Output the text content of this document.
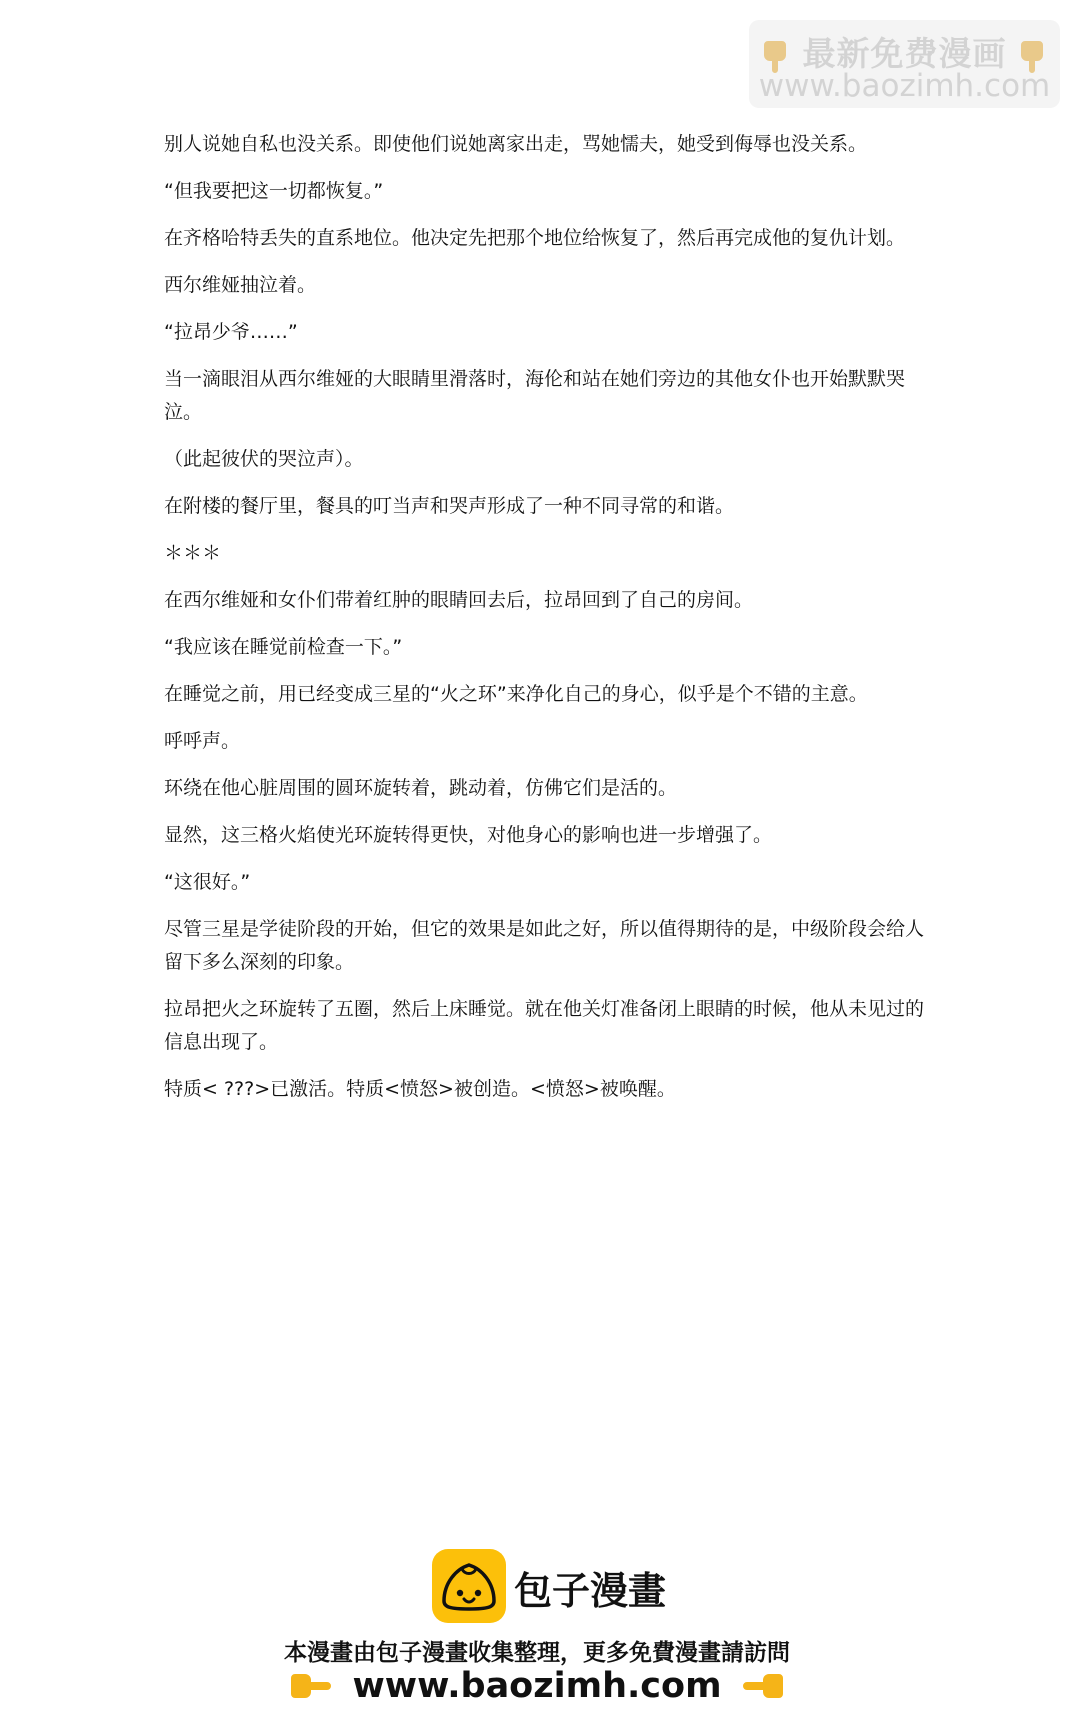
最新免费漫画
www.baozimh.com

别人说她自私也没关系。即使他们说她离家出走，骂她懦夫，她受到侮辱也没关系。

“但我要把这一切都恢复。”

在齐格哈特丢失的直系地位。他决定先把那个地位给恢复了，然后再完成他的复仇计划。

西尔维娅抽泣着。

“拉昂少爷……”

当一滴眼泪从西尔维娅的大眼睛里滑落时，海伦和站在她们旁边的其他女仆也开始默默哭泣。

（此起彼伏的哭泣声）。

在附楼的餐厅里，餐具的叮当声和哭声形成了一种不同寻常的和谐。

＊＊＊

在西尔维娅和女仆们带着红肿的眼睛回去后，拉昂回到了自己的房间。

“我应该在睡觉前检查一下。”

在睡觉之前，用已经变成三星的“火之环”来净化自己的身心，似乎是个不错的主意。

呼呼声。

环绕在他心脏周围的圆环旋转着，跳动着，仿佛它们是活的。

显然，这三格火焰使光环旋转得更快，对他身心的影响也进一步增强了。

“这很好。”

尽管三星是学徒阶段的开始，但它的效果是如此之好，所以值得期待的是，中级阶段会给人留下多么深刻的印象。

拉昂把火之环旋转了五圈，然后上床睡觉。就在他关灯准备闭上眼睛的时候，他从未见过的信息出现了。

特质< ???>已激活。特质<愤怒>被创造。<愤怒>被唤醒。

包子漫畫
本漫畫由包子漫畫收集整理，更多免費漫畫請訪問
www.baozimh.com
